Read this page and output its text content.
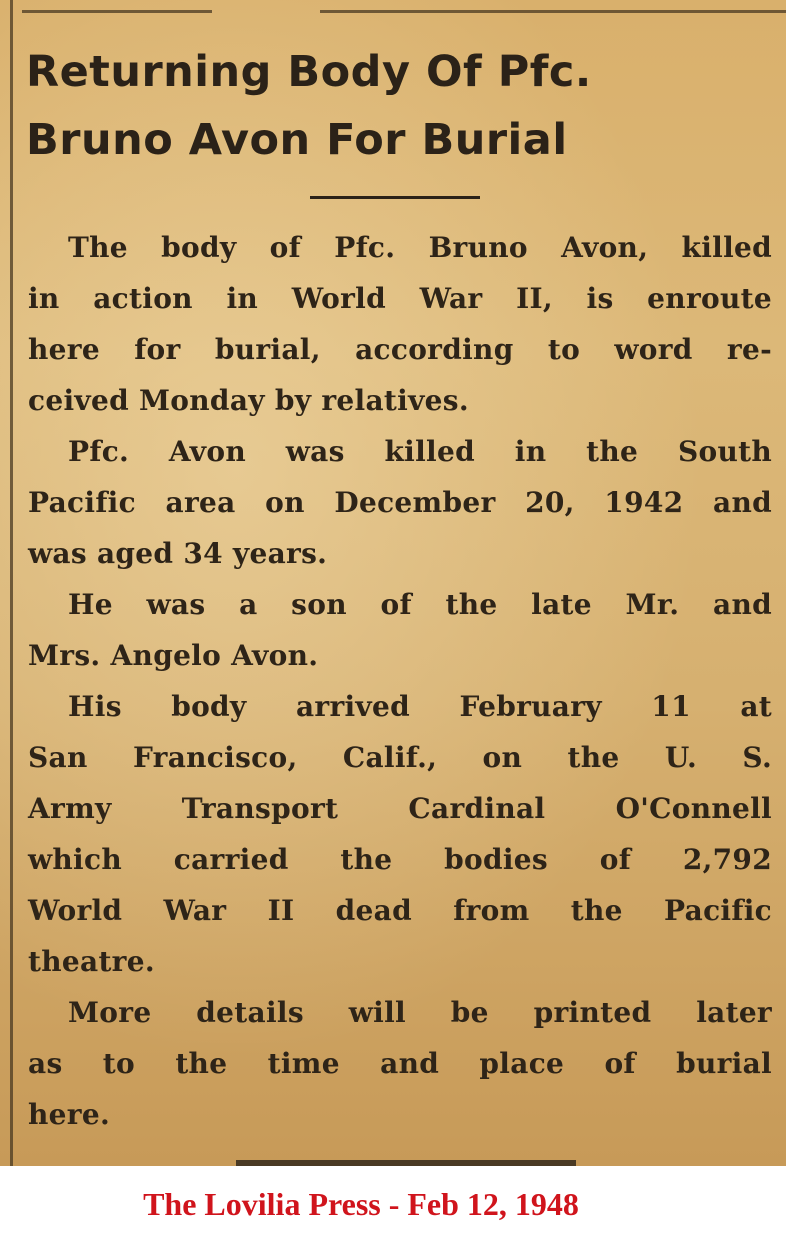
Returning Body Of Pfc.
Bruno Avon For Burial
The body of Pfc. Bruno Avon, killed
in action in World War II, is enroute
here for burial, according to word re-
ceived Monday by relatives.
Pfc. Avon was killed in the South
Pacific area on December 20, 1942 and
was aged 34 years.
He was a son of the late Mr. and
Mrs. Angelo Avon.
His body arrived February 11 at
San Francisco, Calif., on the U. S.
Army Transport Cardinal O'Connell
which carried the bodies of 2,792
World War II dead from the Pacific
theatre.
More details will be printed later
as to the time and place of burial
here.

The Lovilia Press - Feb 12, 1948
